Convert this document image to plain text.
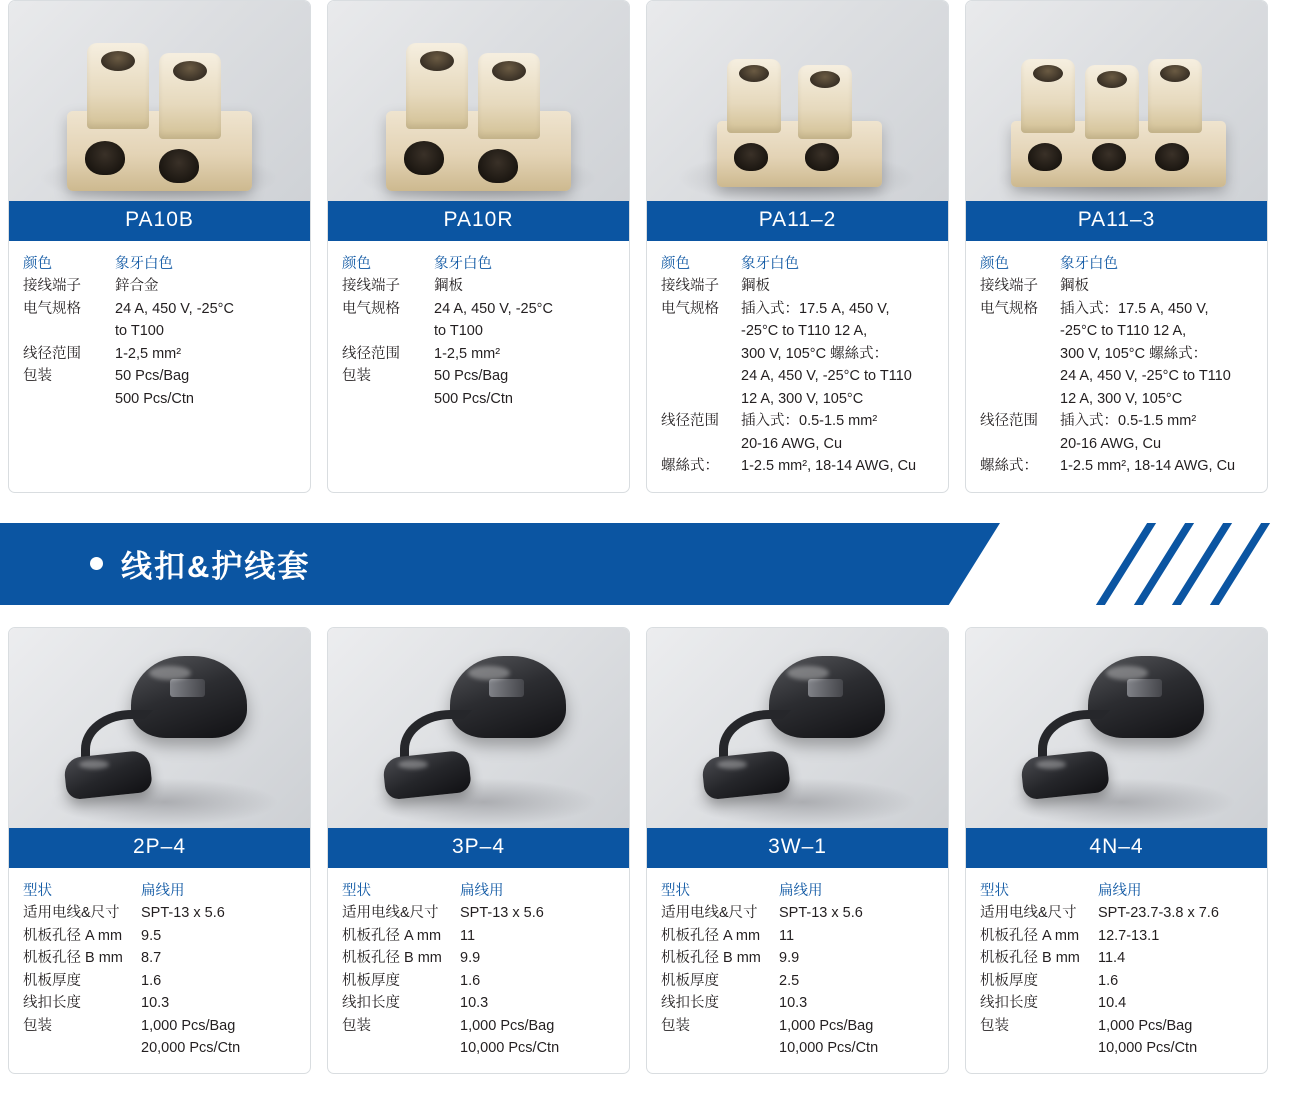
PA10B
颜色	象牙白色
接线端子	鋅合金
电气规格	24 A, 450 V, -25°C
to T100
线径范围	1-2,5 mm²
包装	50 Pcs/Bag
500 Pcs/Ctn
PA10R
颜色	象牙白色
接线端子	鋼板
电气规格	24 A, 450 V, -25°C
to T100
线径范围	1-2,5 mm²
包装	50 Pcs/Bag
500 Pcs/Ctn
PA11–2
颜色	象牙白色
接线端子	鋼板
电气规格	插入式：17.5 A, 450 V,
-25°C to T110 12 A,
300 V, 105°C 螺絲式：
24 A, 450 V, -25°C to T110
12 A, 300 V, 105°C
线径范围	插入式：0.5-1.5 mm²
20-16 AWG, Cu
螺絲式：	1-2.5 mm², 18-14 AWG, Cu
PA11–3
颜色	象牙白色
接线端子	鋼板
电气规格	插入式：17.5 A, 450 V,
-25°C to T110 12 A,
300 V, 105°C 螺絲式：
24 A, 450 V, -25°C to T110
12 A, 300 V, 105°C
线径范围	插入式：0.5-1.5 mm²
20-16 AWG, Cu
螺絲式：	1-2.5 mm², 18-14 AWG, Cu
线扣&护线套
2P–4
型状	扁线用
适用电线&尺寸	SPT-13 x 5.6
机板孔径 A mm	9.5
机板孔径 B mm	8.7
机板厚度	1.6
线扣长度	10.3
包装	1,000 Pcs/Bag
20,000 Pcs/Ctn
3P–4
型状	扁线用
适用电线&尺寸	SPT-13 x 5.6
机板孔径 A mm	11
机板孔径 B mm	9.9
机板厚度	1.6
线扣长度	10.3
包装	1,000 Pcs/Bag
10,000 Pcs/Ctn
3W–1
型状	扁线用
适用电线&尺寸	SPT-13 x 5.6
机板孔径 A mm	11
机板孔径 B mm	9.9
机板厚度	2.5
线扣长度	10.3
包装	1,000 Pcs/Bag
10,000 Pcs/Ctn
4N–4
型状	扁线用
适用电线&尺寸	SPT-23.7-3.8 x 7.6
机板孔径 A mm	12.7-13.1
机板孔径 B mm	11.4
机板厚度	1.6
线扣长度	10.4
包装	1,000 Pcs/Bag
10,000 Pcs/Ctn
